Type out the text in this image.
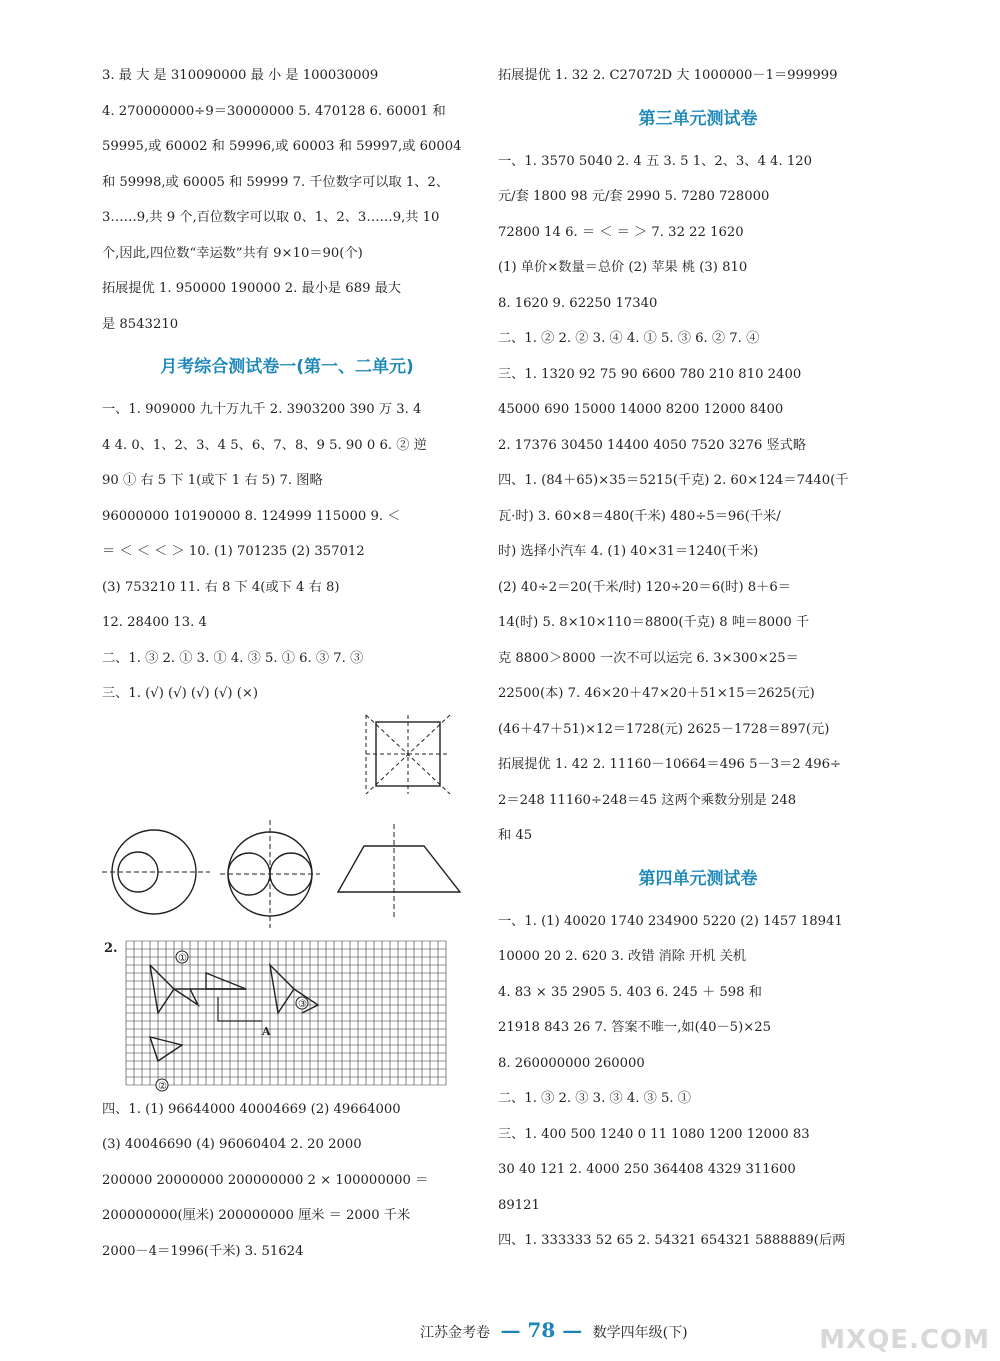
3. 最 大 是 310090000 最 小 是 100030009
4. 270000000÷9＝30000000 5. 470128 6. 60001 和
59995,或 60002 和 59996,或 60003 和 59997,或 60004
和 59998,或 60005 和 59999 7. 千位数字可以取 1、2、
3……9,共 9 个,百位数字可以取 0、1、2、3……9,共 10
个,因此,四位数“幸运数”共有 9×10＝90(个)
拓展提优 1. 950000 190000 2. 最小是 689 最大
是 8543210
月考综合测试卷一(第一、二单元)
一、1. 909000 九十万九千 2. 3903200 390 万 3. 4
4 4. 0、1、2、3、4 5、6、7、8、9 5. 90 0 6. ② 逆
90 ① 右 5 下 1(或下 1 右 5) 7. 图略
96000000 10190000 8. 124999 115000 9. ＜
＝ ＜ ＜ ＜ ＞ 10. (1) 701235 (2) 357012
(3) 753210 11. 右 8 下 4(或下 4 右 8)
12. 28400 13. 4
二、1. ③ 2. ① 3. ① 4. ③ 5. ① 6. ③ 7. ③
三、1. (√) (√) (√) (√) (×)
2.
①
②
③
A
四、1. (1) 96644000 40004669 (2) 49664000
(3) 40046690 (4) 96060404 2. 20 2000
200000 20000000 200000000 2 × 100000000 ＝
200000000(厘米) 200000000 厘米 ＝ 2000 千米
2000－4＝1996(千米) 3. 51624
拓展提优 1. 32 2. C27072D 大 1000000－1＝999999
第三单元测试卷
一、1. 3570 5040 2. 4 五 3. 5 1、2、3、4 4. 120
元/套 1800 98 元/套 2990 5. 7280 728000
72800 14 6. ＝ ＜ ＝ ＞ 7. 32 22 1620
(1) 单价×数量＝总价 (2) 苹果 桃 (3) 810
8. 1620 9. 62250 17340
二、1. ② 2. ② 3. ④ 4. ① 5. ③ 6. ② 7. ④
三、1. 1320 92 75 90 6600 780 210 810 2400
45000 690 15000 14000 8200 12000 8400
2. 17376 30450 14400 4050 7520 3276 竖式略
四、1. (84＋65)×35＝5215(千克) 2. 60×124＝7440(千
瓦·时) 3. 60×8＝480(千米) 480÷5＝96(千米/
时) 选择小汽车 4. (1) 40×31＝1240(千米)
(2) 40÷2＝20(千米/时) 120÷20＝6(时) 8＋6＝
14(时) 5. 8×10×110＝8800(千克) 8 吨＝8000 千
克 8800＞8000 一次不可以运完 6. 3×300×25＝
22500(本) 7. 46×20＋47×20＋51×15＝2625(元)
(46＋47＋51)×12＝1728(元) 2625－1728＝897(元)
拓展提优 1. 42 2. 11160－10664＝496 5－3＝2 496÷
2＝248 11160÷248＝45 这两个乘数分别是 248
和 45
第四单元测试卷
一、1. (1) 40020 1740 234900 5220 (2) 1457 18941
10000 20 2. 620 3. 改错 消除 开机 关机
4. 83 × 35 2905 5. 403 6. 245 ＋ 598 和
21918 843 26 7. 答案不唯一,如(40－5)×25
8. 260000000 260000
二、1. ③ 2. ③ 3. ③ 4. ③ 5. ①
三、1. 400 500 1240 0 11 1080 1200 12000 83
30 40 121 2. 4000 250 364408 4329 311600
89121
四、1. 333333 52 65 2. 54321 654321 5888889(后两
江苏金考卷 — 78 — 数学四年级(下)	MXQE.COM
